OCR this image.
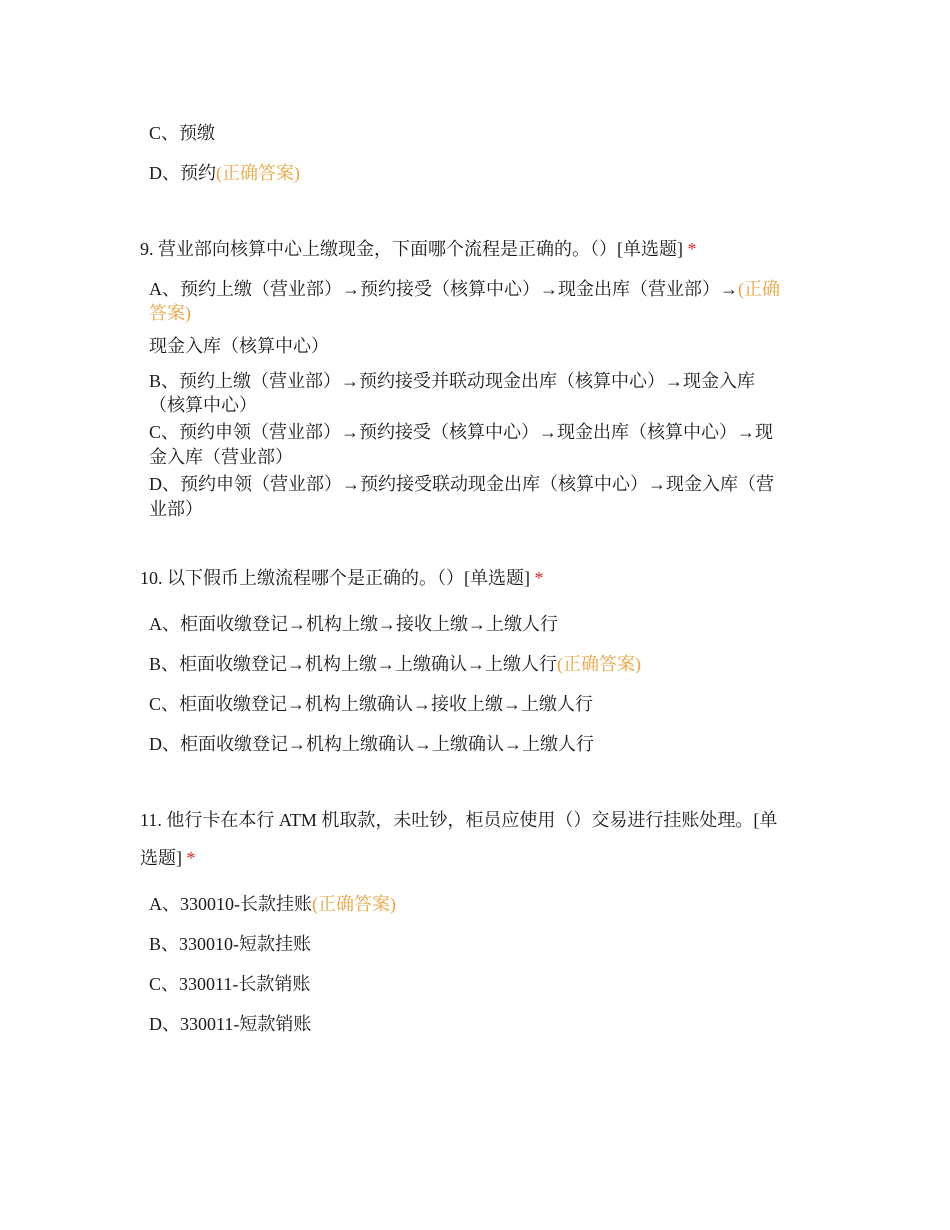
C、预缴
D、预约(正确答案)
9. 营业部向核算中心上缴现金，下面哪个流程是正确的。（）[单选题] *
A、预约上缴（营业部）→预约接受（核算中心）→现金出库（营业部）→(正确
答案)
现金入库（核算中心）
B、预约上缴（营业部）→预约接受并联动现金出库（核算中心）→现金入库
（核算中心）
C、预约申领（营业部）→预约接受（核算中心）→现金出库（核算中心）→现
金入库（营业部）
D、预约申领（营业部）→预约接受联动现金出库（核算中心）→现金入库（营
业部）
10. 以下假币上缴流程哪个是正确的。（）[单选题] *
A、柜面收缴登记→机构上缴→接收上缴→上缴人行
B、柜面收缴登记→机构上缴→上缴确认→上缴人行(正确答案)
C、柜面收缴登记→机构上缴确认→接收上缴→上缴人行
D、柜面收缴登记→机构上缴确认→上缴确认→上缴人行
11. 他行卡在本行 ATM 机取款，未吐钞，柜员应使用（）交易进行挂账处理。[单
选题] *
A、330010-长款挂账(正确答案)
B、330010-短款挂账
C、330011-长款销账
D、330011-短款销账
